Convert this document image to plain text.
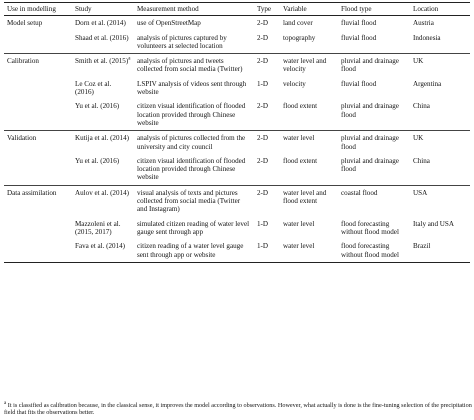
Use in modelling	Study	Measurement method	Type	Variable	Flood type	Location
Model setup	Dorn et al. (2014)	use of OpenStreetMap	2-D	land cover	fluvial flood	Austria
	Shaad et al. (2016)	analysis of pictures captured by volunteers at selected location	2-D	topography	fluvial flood	Indonesia
Calibration	Smith et al. $(2015)^a$	analysis of pictures and tweets collected from social media (Twitter)	2-D	water level and velocity	pluvial and drainage flood	UK
	Le Coz et al. (2016)	LSPIV analysis of videos sent through website	1-D	velocity	fluvial flood	Argentina
	Yu et al. (2016)	citizen visual identification of flooded location provided through Chinese website	2-D	flood extent	pluvial and drainage flood	China
Validation	Kutija et al. (2014)	analysis of pictures collected from the university and city council	2-D	water level	pluvial and drainage flood	UK
	Yu et al. (2016)	citizen visual identification of flooded location provided through Chinese website	2-D	flood extent	pluvial and drainage flood	China
Data assimilation	Aulov et al. (2014)	visual analysis of texts and pictures collected from social media (Twitter and Instagram)	2-D	water level and flood extent	coastal flood	USA
	Mazzoleni et al. (2015, 2017)	simulated citizen reading of water level gauge sent through app	1-D	water level	flood forecasting without flood model	Italy and USA
	Fava et al. (2014)	citizen reading of a water level gauge sent through app or website	1-D	water level	flood forecasting without flood model	Brazil
$^a$ It is classified as calibration because, in the classical sense, it improves the model according to observations. However, what actually is done is the fine-tuning selection of the precipitation field that fits the observations better.
